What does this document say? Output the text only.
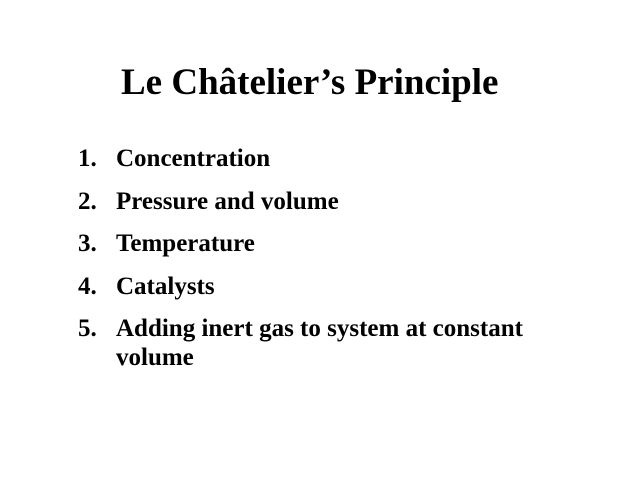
Le Châtelier’s Principle
1. Concentration
2. Pressure and volume
3. Temperature
4. Catalysts
5. Adding inert gas to system at constant volume
